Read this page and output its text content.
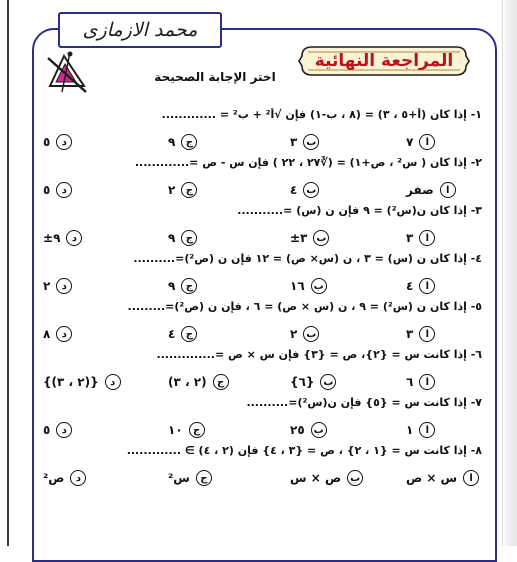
محمد الازمازى
المراجعة النهائية
اختر الإجابة الصحيحة
١- إذا كان (أ+٥ ، ٣) = (٨ ، ب-١) فإن √أ² + ب² = .............
ا
٧
ب
٣
ج
٩
د
٥
٢- إذا كان ( س² ، ص+١) = (∛٢٧ ، ٢٢ ) فإن س - ص =.............
ا
صفر
ب
٤
ج
٢
د
٥
٣- إذا كان ن(س²) = ٩ فإن ن (س) =...........
ا
٣
ب
٣±
ج
٩
د
٩±
٤- إذا كان ن (س) = ٣ ، ن (س× ص) = ١٢ فإن ن (ص²)=..........
ا
٤
ب
١٦
ج
٩
د
٢
٥- إذا كان ن (س²) = ٩ ، ن (س × ص) = ٦ ، فإن ن (ص²)=.........
ا
٣
ب
٢
ج
٤
د
٨
٦- إذا كانت س = {٢}، ص = {٣} فإن س × ص =..............
ا
٦
ب
{٦}
ج
(٢ ، ٣)
د
{(٢ ، ٣)}
٧- إذا كانت س = {٥} فإن ن(س²)=..........
ا
١
ب
٢٥
ج
١٠
د
٥
٨- إذا كانت س = {١ ، ٢} ، ص = {٣ ، ٤} فإن (٢ ، ٤) ∋ .............
ا
س × ص
ب
ص × س
ج
س²
د
ص²
